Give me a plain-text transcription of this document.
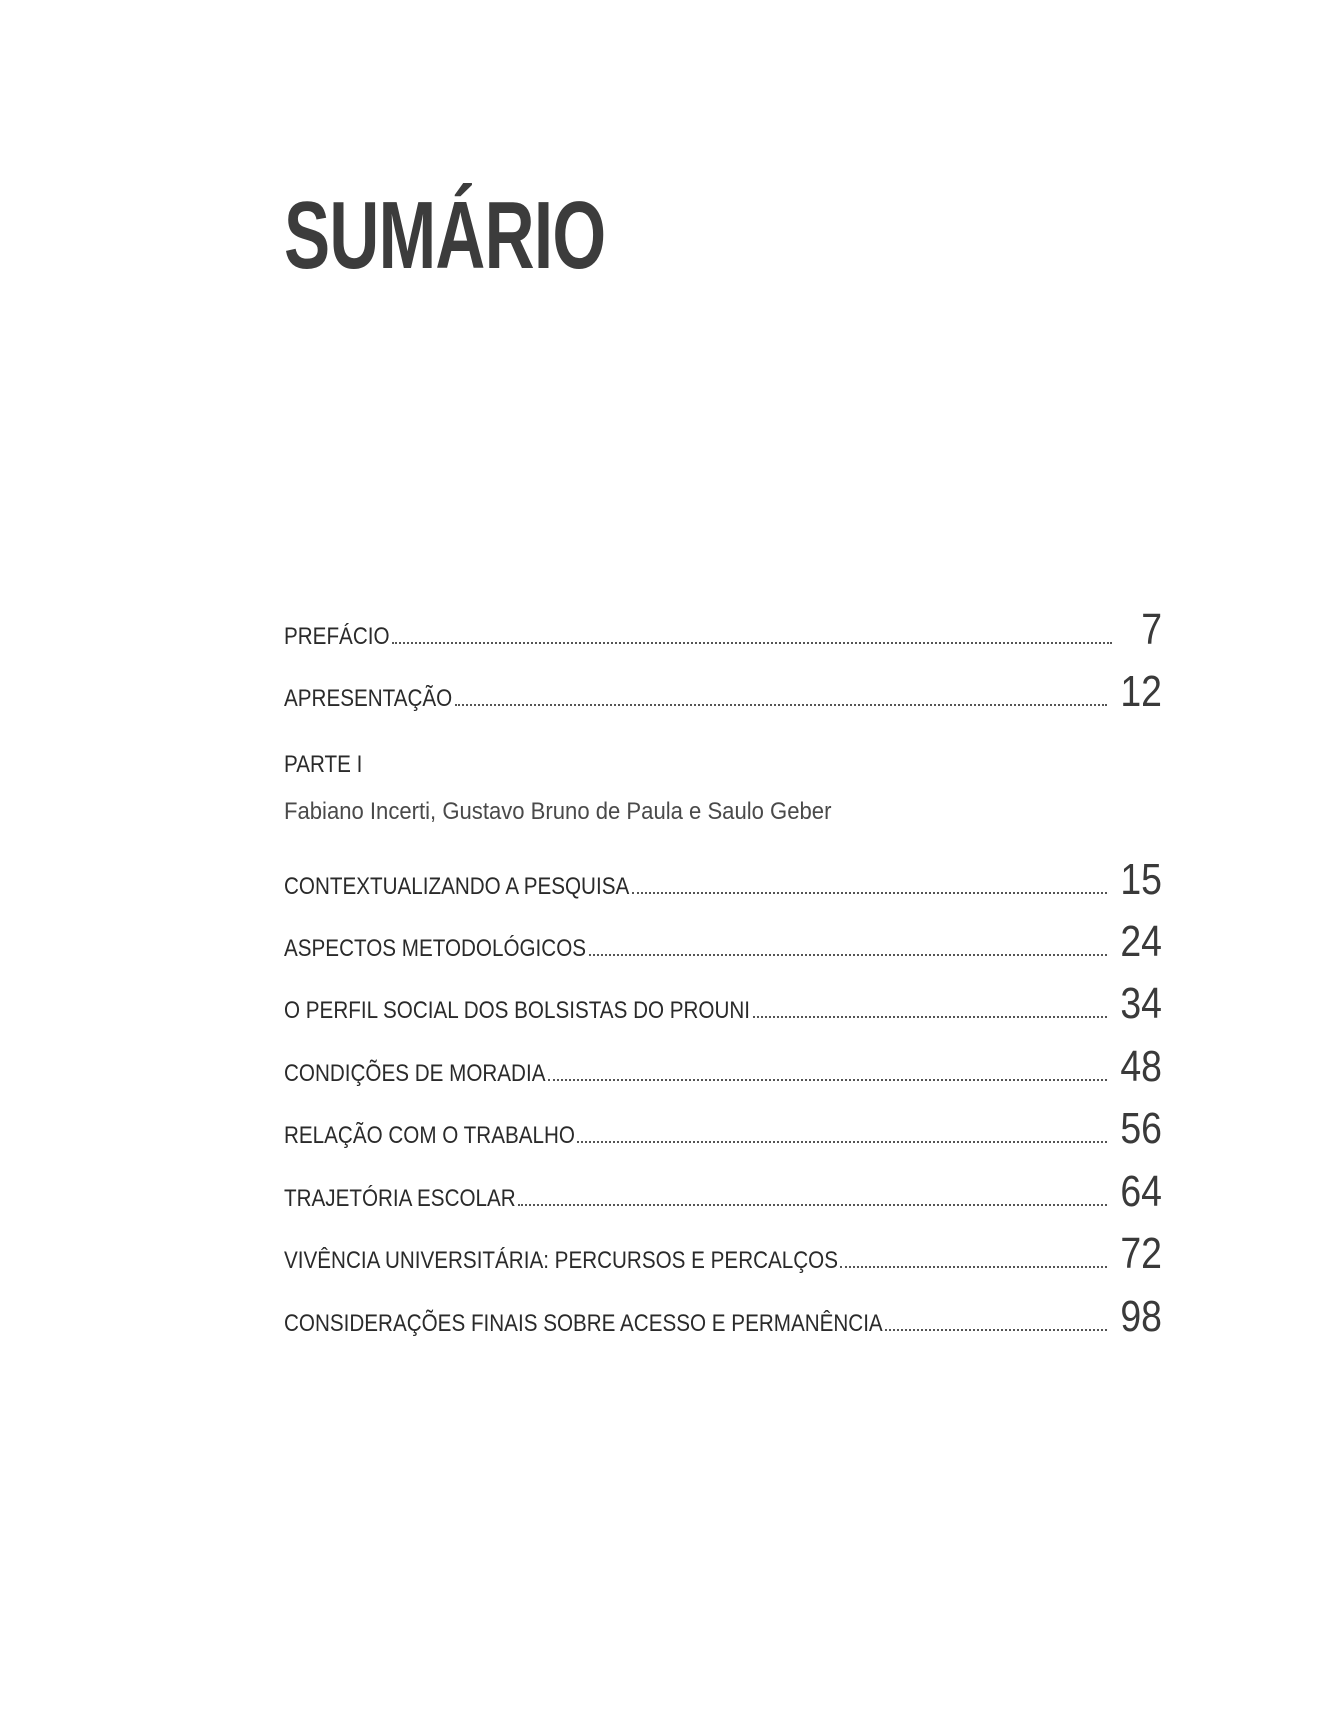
SUMÁRIO
PREFÁCIO	7
APRESENTAÇÃO	12
PARTE I
Fabiano Incerti, Gustavo Bruno de Paula e Saulo Geber
CONTEXTUALIZANDO A PESQUISA	15
ASPECTOS METODOLÓGICOS	24
O PERFIL SOCIAL DOS BOLSISTAS DO PROUNI	34
CONDIÇÕES DE MORADIA	48
RELAÇÃO COM O TRABALHO	56
TRAJETÓRIA ESCOLAR	64
VIVÊNCIA UNIVERSITÁRIA: PERCURSOS E PERCALÇOS	72
CONSIDERAÇÕES FINAIS SOBRE ACESSO E PERMANÊNCIA	98
